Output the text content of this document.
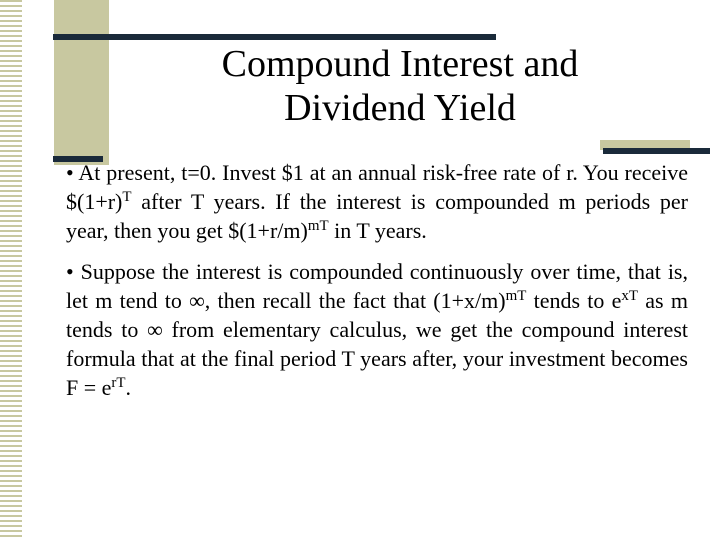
Compound Interest and
Dividend Yield

• At present, t=0. Invest $1 at an annual risk-free rate of r. You receive $\$(1+r)^T$ after T years. If the interest is compounded m periods per year, then you get $\$(1+r/m)^{mT}$ in T years.

• Suppose the interest is compounded continuously over time, that is, let m tend to ∞, then recall the fact that $(1+x/m)^{mT}$ tends to $e^{xT}$ as m tends to ∞ from elementary calculus, we get the compound interest formula that at the final period T years after, your investment becomes $F = e^{rT}$.
